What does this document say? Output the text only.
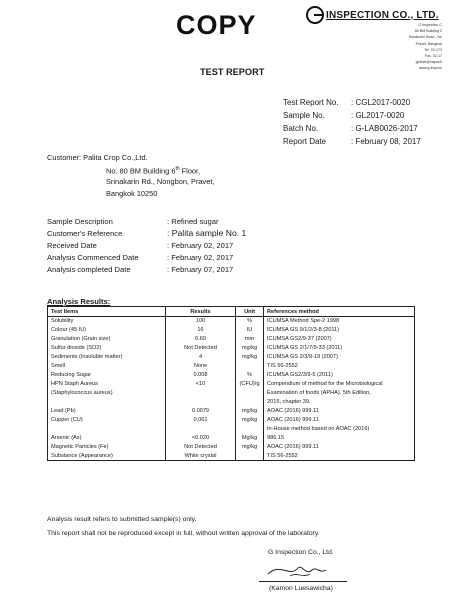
COPY	INSPECTION CO., LTD.
G Inspection C
80 BM Building 2
Srinakarin Road., Ne
Pravet, Bangkok
Tel. 02-173
Fax. 02-17
gintlab@inspecti
www.g-inspect
TEST REPORT
Test Report No.	: CGL2017-0020
Sample No.	: GL2017-0020
Batch No.	: G-LAB0026-2017
Report Date	: February 08, 2017
Customer: Palita Crop Co.,Ltd.
No. 80 BM Building 6th Floor,
Srinakarin Rd., Nongbon, Pravet,
Bangkok 10250
Sample Description	: Refined sugar
Customer's Reference	: Palita sample No. 1
Received Date	: February 02, 2017
Analysis Commenced Date	: February 02, 2017
Analysis completed Date	: February 07, 2017
Analysis Results:
Test Items	Results	Unit	References method
Solubility	100	%	ICUMSA Method Spe-2 1998
Colour (45 IU)	16	IU	ICUMSA GS 9/1/2/3-8 (2011)
Granulation (Grain size)	0.60	mm	ICUMSA GS2/9-37 (2007)
Sulfur dioxide (SO2)	Not Detected	mg/kg	ICUMSA GS 2/1/7/9-33 (2011)
Sediments (Insoluble matter)	4	mg/kg	ICUMSA GS 2/3/9-19 (2007)
Smell	None		TIS 56-2552
Reducing Sugar	0.008	%	ICUMSA GS2/3/9-5 (2011)
HPN Staph Aureus	<10	(CFU)/g	Compendium of method for the Microbiological
(Staphylococcus aureus)			Examination of foods (APHA), 5th Edition,
			2015, chapter 39.
Lead (Pb)	0.0079	mg/kg	AOAC (2016) 999.11
Cupper (CU)	0.061	mg/kg	AOAC (2016) 999.11
			In-House method based on AOAC (2016)
Arsenic (As)	<0.020	Mg/kg	986.15
Magnetic Particles (Fe)	Not Detected	mg/kg	AOAC (2016) 999.11
Substance (Appearance)	White crystal		TIS 56-2552
Analysis result refers to submitted sample(s) only.
This report shall not be reproduced except in full, without written approval of the laboratory.
G Inspection Co., Ltd.
(Kamon Luesawicha)
